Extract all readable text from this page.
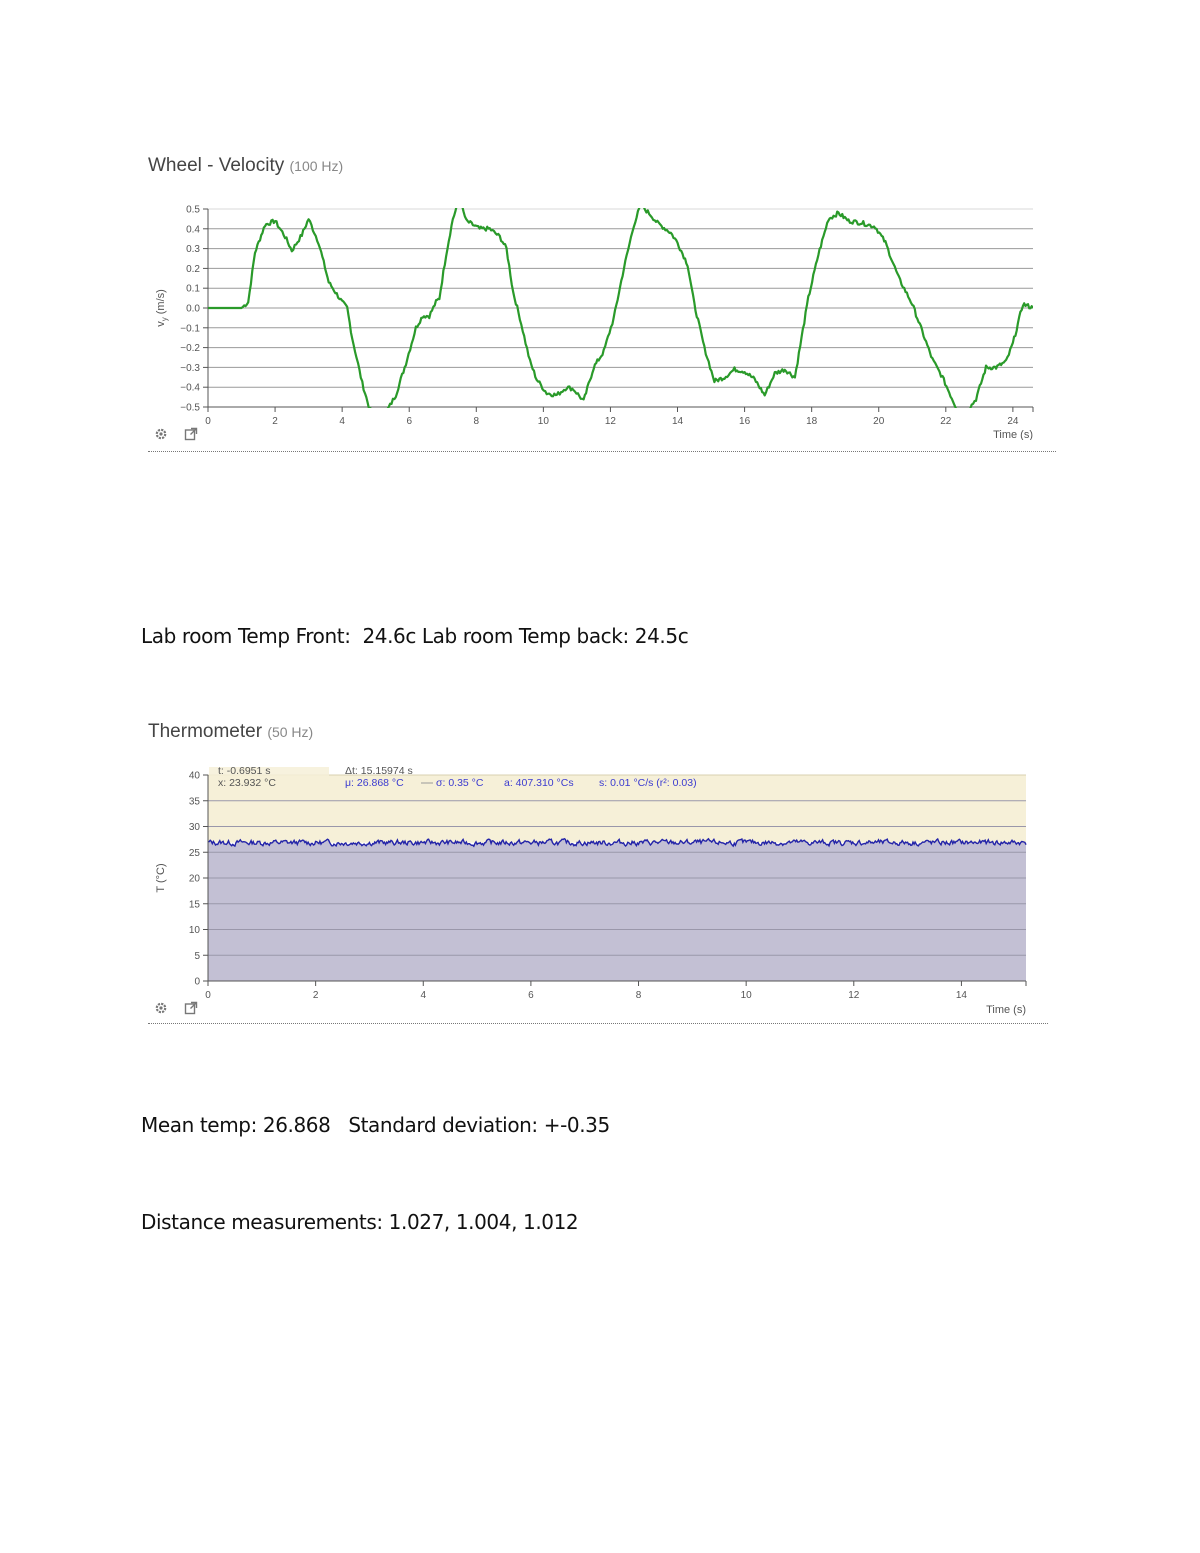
Wheel - Velocity (100 Hz)
−0.5
−0.4
−0.3
−0.2
−0.1
0.0
0.1
0.2
0.3
0.4
0.5
0	2	4	6	8	10	12	14	16	18	20	22	24
Time (s)
$v_y$ (m/s)

Lab room Temp Front:  24.6c Lab room Temp back: 24.5c
Thermometer (50 Hz)
0
5
10
15
20
25
30
35
40
0	2	4	6	8	10	12	14
Time (s)
T (°C)
t: -0.6951 s
x: 23.932 °C
Δt: 15.15974 s
μ: 26.868 °C	σ: 0.35 °C a: 407.310 °Cs s: 0.01 °C/s (r²: 0.03)

Mean temp: 26.868   Standard deviation: +-0.35
Distance measurements: 1.027, 1.004, 1.012
